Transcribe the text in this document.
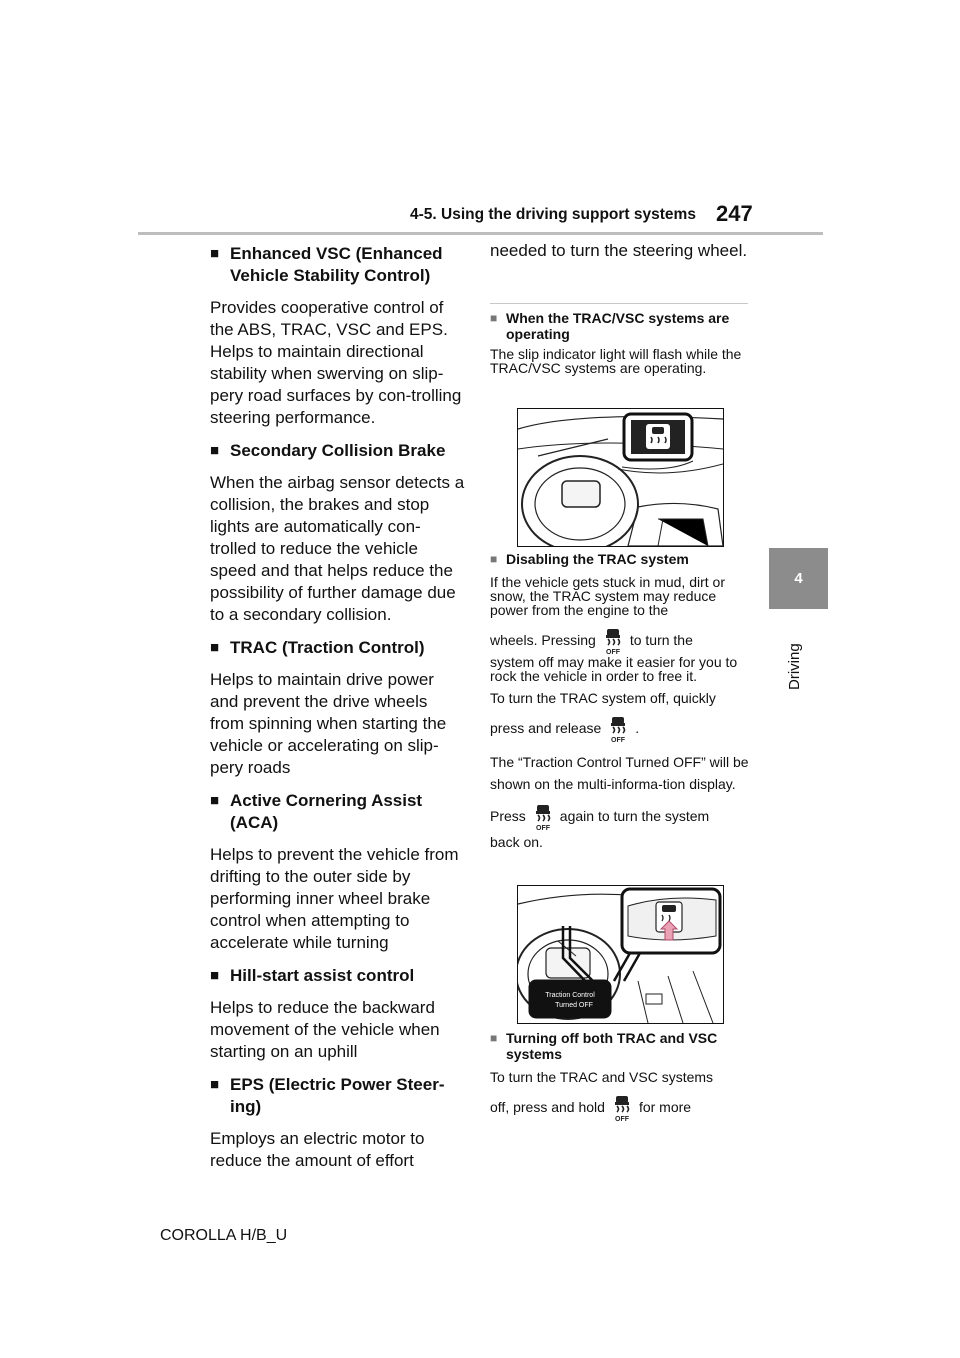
4-5. Using the driving support systems 247
4
Driving
■ Enhanced VSC (Enhanced Vehicle Stability Control)
Provides cooperative control of the ABS, TRAC, VSC and EPS. Helps to maintain directional stability when swerving on slip-pery road surfaces by con-trolling steering performance.
■ Secondary Collision Brake
When the airbag sensor detects a collision, the brakes and stop lights are automatically con-trolled to reduce the vehicle speed and that helps reduce the possibility of further damage due to a secondary collision.
■ TRAC (Traction Control)
Helps to maintain drive power and prevent the drive wheels from spinning when starting the vehicle or accelerating on slip-pery roads
■ Active Cornering Assist (ACA)
Helps to prevent the vehicle from drifting to the outer side by performing inner wheel brake control when attempting to accelerate while turning
■ Hill-start assist control
Helps to reduce the backward movement of the vehicle when starting on an uphill
■ EPS (Electric Power Steer-ing)
Employs an electric motor to reduce the amount of effort
needed to turn the steering wheel.
■ When the TRAC/VSC systems are operating
The slip indicator light will flash while the TRAC/VSC systems are operating.
■ Disabling the TRAC system
If the vehicle gets stuck in mud, dirt or snow, the TRAC system may reduce power from the engine to the
wheels. Pressing to turn the
system off may make it easier for you to rock the vehicle in order to free it.
To turn the TRAC system off, quickly
press and release .
The “Traction Control Turned OFF” will be shown on the multi-informa-tion display.
Press again to turn the system
back on.
Traction Control
Turned OFF
■ Turning off both TRAC and VSC systems
To turn the TRAC and VSC systems
off, press and hold for more
COROLLA H/B_U
